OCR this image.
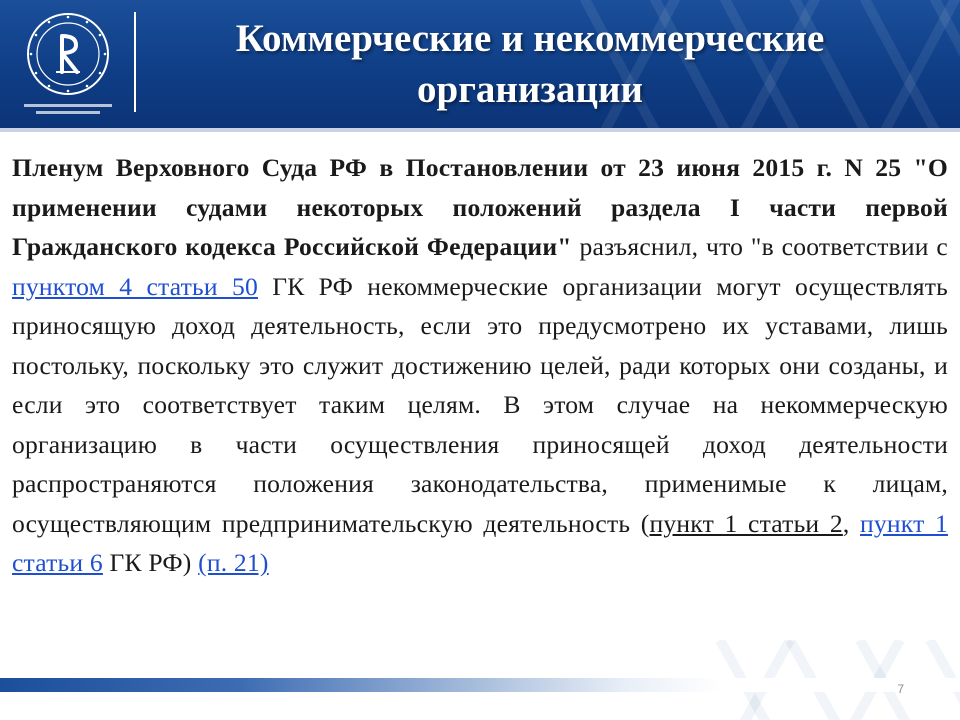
Коммерческие и некоммерческие организации
Пленум Верховного Суда РФ в Постановлении от 23 июня 2015 г. N 25 "О применении судами некоторых положений раздела I части первой Гражданского кодекса Российской Федерации" разъяснил, что "в соответствии с пунктом 4 статьи 50 ГК РФ некоммерческие организации могут осуществлять приносящую доход деятельность, если это предусмотрено их уставами, лишь постольку, поскольку это служит достижению целей, ради которых они созданы, и если это соответствует таким целям. В этом случае на некоммерческую организацию в части осуществления приносящей доход деятельности распространяются положения законодательства, применимые к лицам, осуществляющим предпринимательскую деятельность (пункт 1 статьи 2, пункт 1 статьи 6 ГК РФ) (п. 21)
7
